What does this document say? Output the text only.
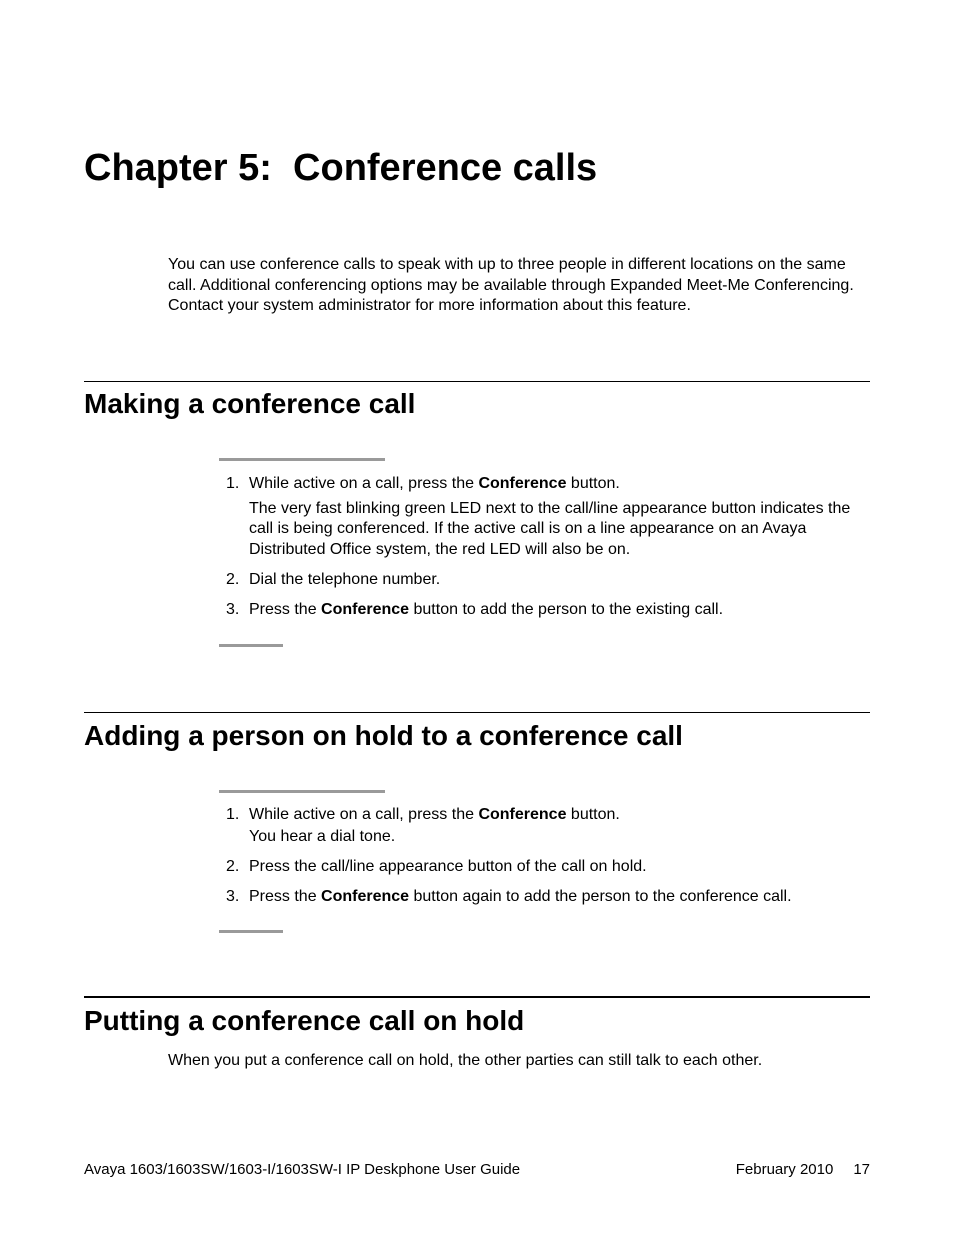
Chapter 5:  Conference calls

You can use conference calls to speak with up to three people in different locations on the same call. Additional conferencing options may be available through Expanded Meet-Me Conferencing. Contact your system administrator for more information about this feature.

Making a conference call
1. While active on a call, press the Conference button.
The very fast blinking green LED next to the call/line appearance button indicates the call is being conferenced. If the active call is on a line appearance on an Avaya Distributed Office system, the red LED will also be on.
2. Dial the telephone number.
3. Press the Conference button to add the person to the existing call.
Adding a person on hold to a conference call
1. While active on a call, press the Conference button.
You hear a dial tone.
2. Press the call/line appearance button of the call on hold.
3. Press the Conference button again to add the person to the conference call.
Putting a conference call on hold

When you put a conference call on hold, the other parties can still talk to each other.

Avaya 1603/1603SW/1603-I/1603SW-I IP Deskphone User Guide	February 2010 17
